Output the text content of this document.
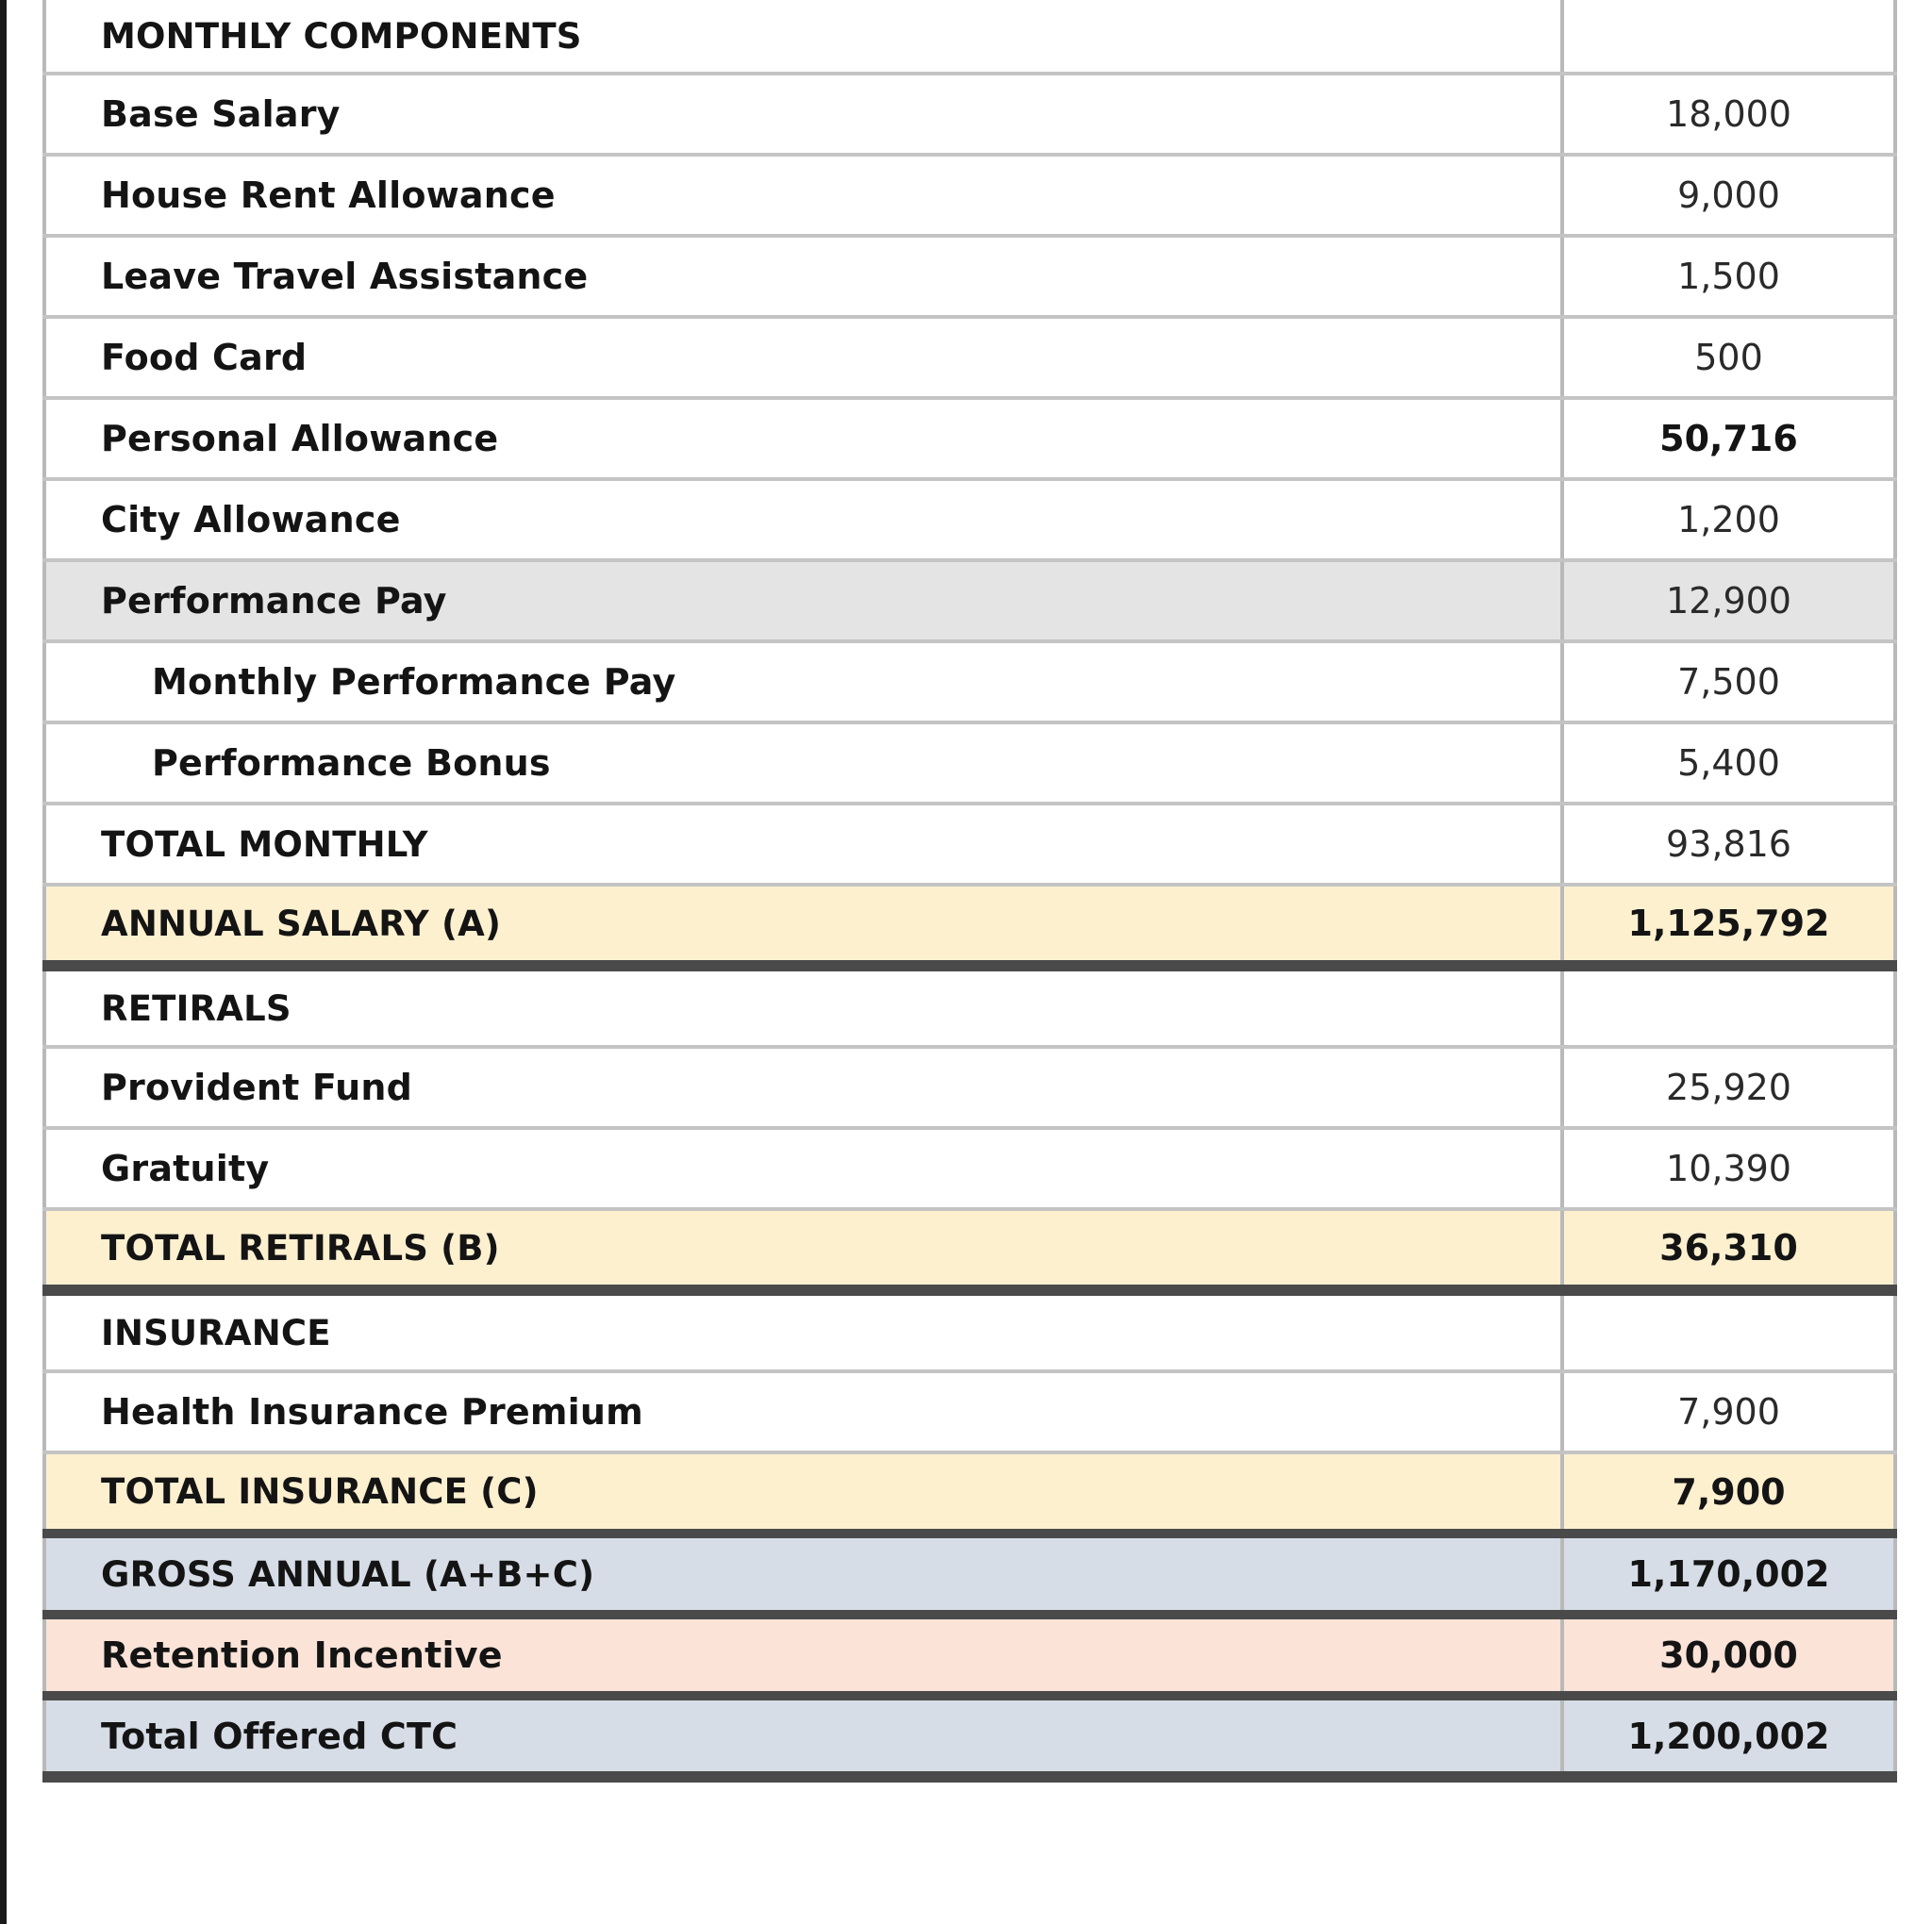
MONTHLY COMPONENTS	
Base Salary	18,000
House Rent Allowance	9,000
Leave Travel Assistance	1,500
Food Card	500
Personal Allowance	50,716
City Allowance	1,200
Performance Pay	12,900
Monthly Performance Pay	7,500
Performance Bonus	5,400
TOTAL MONTHLY	93,816
ANNUAL SALARY (A)	1,125,792
RETIRALS	
Provident Fund	25,920
Gratuity	10,390
TOTAL RETIRALS (B)	36,310
INSURANCE	
Health Insurance Premium	7,900
TOTAL INSURANCE (C)	7,900
GROSS ANNUAL (A+B+C)	1,170,002
Retention Incentive	30,000
Total Offered CTC	1,200,002
